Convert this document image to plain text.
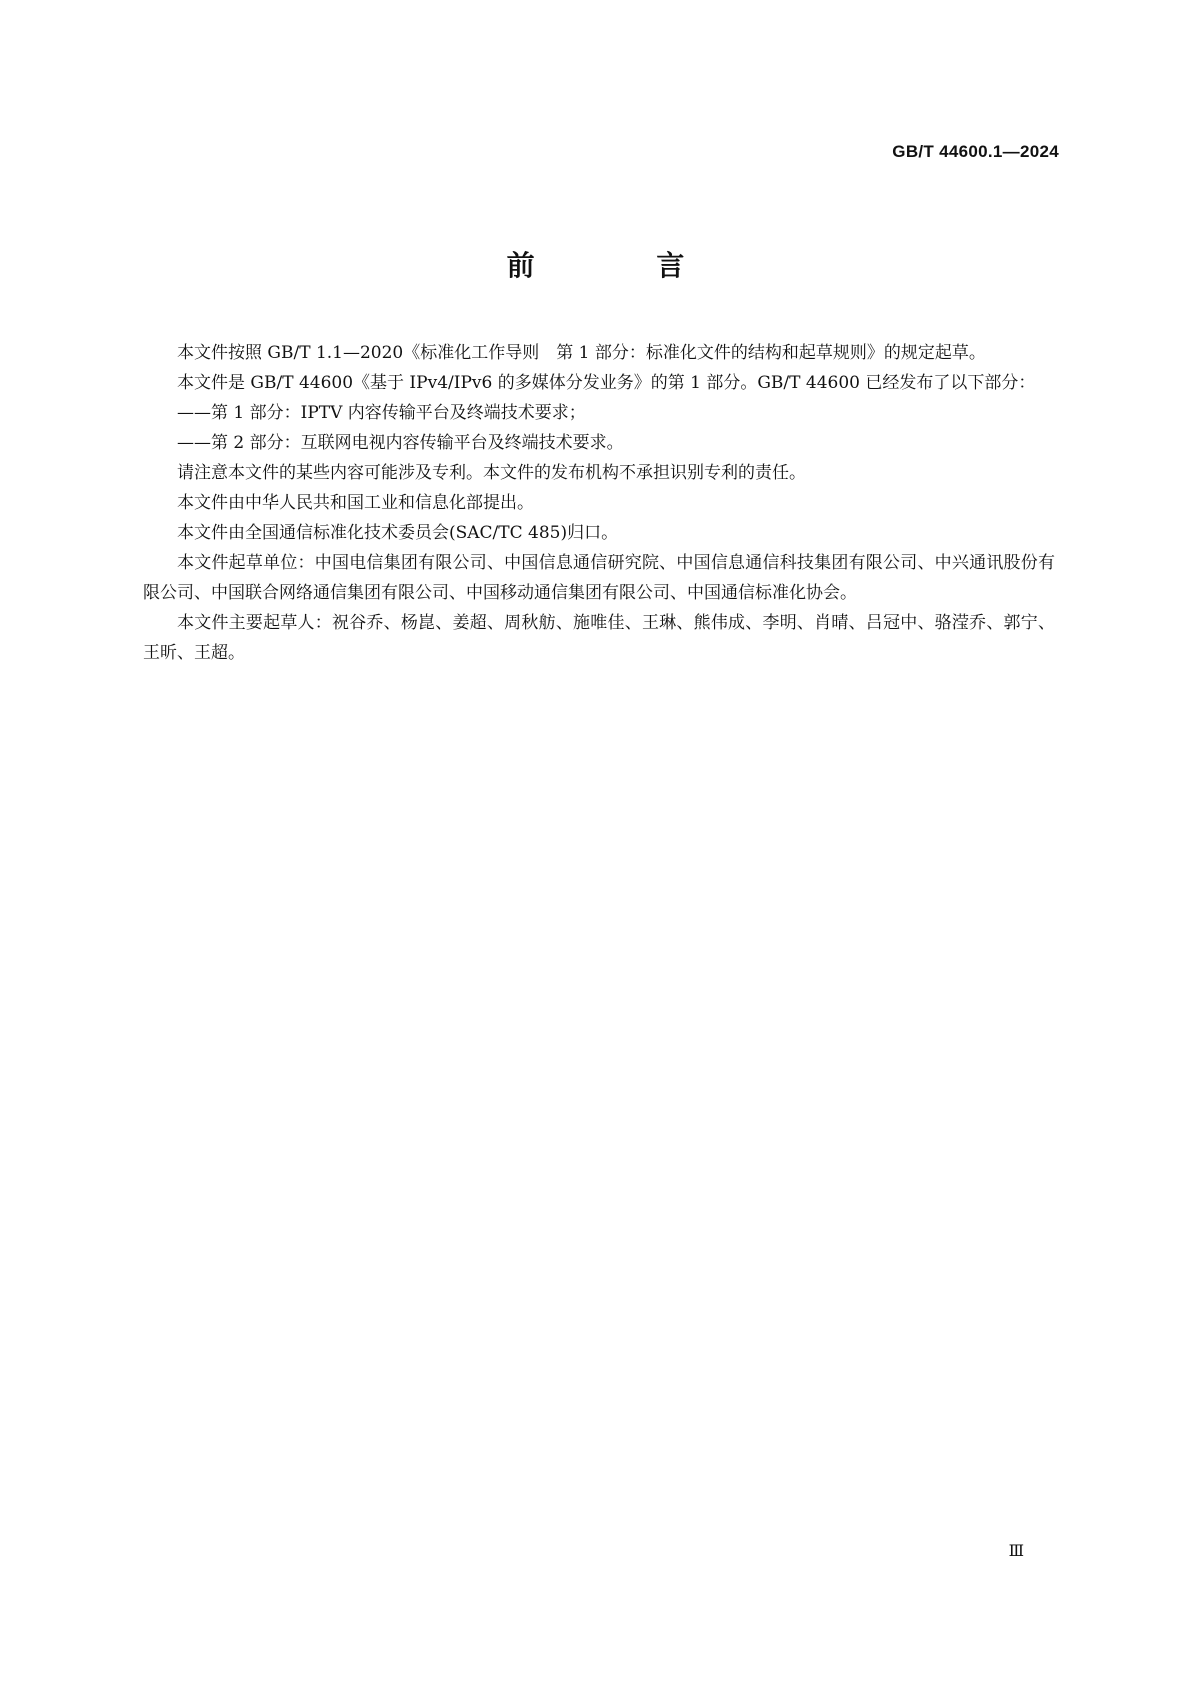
GB/T 44600.1—2024
前 言

本文件按照 GB/T 1.1—2020《标准化工作导则　第 1 部分：标准化文件的结构和起草规则》的规定起草。

本文件是 GB/T 44600《基于 IPv4/IPv6 的多媒体分发业务》的第 1 部分。GB/T 44600 已经发布了以下部分：

——第 1 部分：IPTV 内容传输平台及终端技术要求；

——第 2 部分：互联网电视内容传输平台及终端技术要求。

请注意本文件的某些内容可能涉及专利。本文件的发布机构不承担识别专利的责任。

本文件由中华人民共和国工业和信息化部提出。

本文件由全国通信标准化技术委员会(SAC/TC 485)归口。

本文件起草单位：中国电信集团有限公司、中国信息通信研究院、中国信息通信科技集团有限公司、中兴通讯股份有限公司、中国联合网络通信集团有限公司、中国移动通信集团有限公司、中国通信标准化协会。

本文件主要起草人：祝谷乔、杨崑、姜超、周秋舫、施唯佳、王琳、熊伟成、李明、肖晴、吕冠中、骆滢乔、郭宁、王昕、王超。

Ⅲ
